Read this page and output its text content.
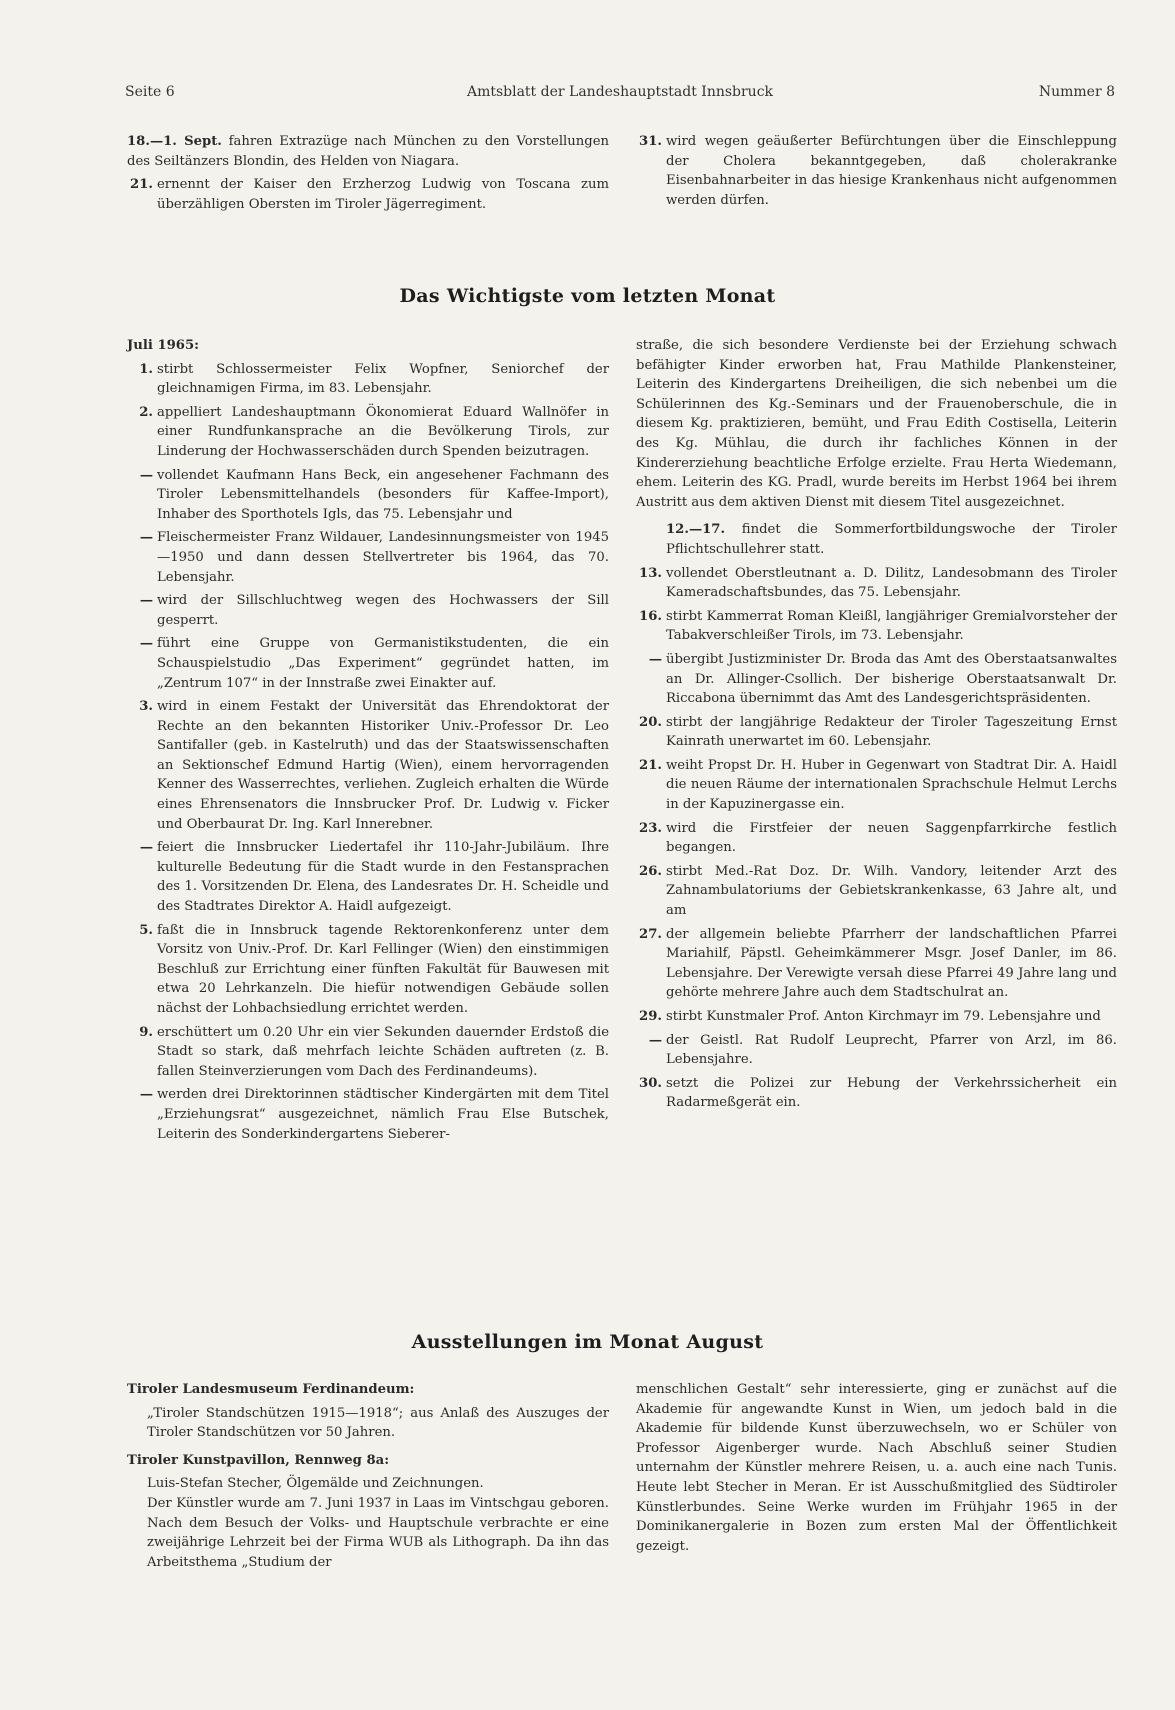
Seite 6	Amtsblatt der Landeshauptstadt Innsbruck	Nummer 8
18.—1. Sept. fahren Extrazüge nach München zu den Vorstellungen des Seiltänzers Blondin, des Helden von Niagara.
21. ernennt der Kaiser den Erzherzog Ludwig von Toscana zum überzähligen Obersten im Tiroler Jägerregiment.
31. wird wegen geäußerter Befürchtungen über die Einschleppung der Cholera bekanntgegeben, daß cholerakranke Eisenbahnarbeiter in das hiesige Krankenhaus nicht aufgenommen werden dürfen.
Das Wichtigste vom letzten Monat
Juli 1965:
1. stirbt Schlossermeister Felix Wopfner, Seniorchef der gleichnamigen Firma, im 83. Lebensjahr.
2. appelliert Landeshauptmann Ökonomierat Eduard Wallnöfer in einer Rundfunkansprache an die Bevölkerung Tirols, zur Linderung der Hochwasserschäden durch Spenden beizutragen.
— vollendet Kaufmann Hans Beck, ein angesehener Fachmann des Tiroler Lebensmittelhandels (besonders für Kaffee-Import), Inhaber des Sporthotels Igls, das 75. Lebensjahr und
— Fleischermeister Franz Wildauer, Landesinnungsmeister von 1945—1950 und dann dessen Stellvertreter bis 1964, das 70. Lebensjahr.
— wird der Sillschluchtweg wegen des Hochwassers der Sill gesperrt.
— führt eine Gruppe von Germanistikstudenten, die ein Schauspielstudio „Das Experiment“ gegründet hatten, im „Zentrum 107“ in der Innstraße zwei Einakter auf.
3. wird in einem Festakt der Universität das Ehrendoktorat der Rechte an den bekannten Historiker Univ.-Professor Dr. Leo Santifaller (geb. in Kastelruth) und das der Staatswissenschaften an Sektionschef Edmund Hartig (Wien), einem hervorragenden Kenner des Wasserrechtes, verliehen. Zugleich erhalten die Würde eines Ehrensenators die Innsbrucker Prof. Dr. Ludwig v. Ficker und Oberbaurat Dr. Ing. Karl Innerebner.
— feiert die Innsbrucker Liedertafel ihr 110-Jahr-Jubiläum. Ihre kulturelle Bedeutung für die Stadt wurde in den Festansprachen des 1. Vorsitzenden Dr. Elena, des Landesrates Dr. H. Scheidle und des Stadtrates Direktor A. Haidl aufgezeigt.
5. faßt die in Innsbruck tagende Rektorenkonferenz unter dem Vorsitz von Univ.-Prof. Dr. Karl Fellinger (Wien) den einstimmigen Beschluß zur Errichtung einer fünften Fakultät für Bauwesen mit etwa 20 Lehrkanzeln. Die hiefür notwendigen Gebäude sollen nächst der Lohbachsiedlung errichtet werden.
9. erschüttert um 0.20 Uhr ein vier Sekunden dauernder Erdstoß die Stadt so stark, daß mehrfach leichte Schäden auftreten (z. B. fallen Steinverzierungen vom Dach des Ferdinandeums).
— werden drei Direktorinnen städtischer Kindergärten mit dem Titel „Erziehungsrat“ ausgezeichnet, nämlich Frau Else Butschek, Leiterin des Sonderkindergartens Sieberer-

straße, die sich besondere Verdienste bei der Erziehung schwach befähigter Kinder erworben hat, Frau Mathilde Plankensteiner, Leiterin des Kindergartens Dreiheiligen, die sich nebenbei um die Schülerinnen des Kg.-Seminars und der Frauenoberschule, die in diesem Kg. praktizieren, bemüht, und Frau Edith Costisella, Leiterin des Kg. Mühlau, die durch ihr fachliches Können in der Kindererziehung beachtliche Erfolge erzielte. Frau Herta Wiedemann, ehem. Leiterin des KG. Pradl, wurde bereits im Herbst 1964 bei ihrem Austritt aus dem aktiven Dienst mit diesem Titel ausgezeichnet.

12.—17. findet die Sommerfortbildungswoche der Tiroler Pflichtschullehrer statt.
13. vollendet Oberstleutnant a. D. Dilitz, Landesobmann des Tiroler Kameradschaftsbundes, das 75. Lebensjahr.
16. stirbt Kammerrat Roman Kleißl, langjähriger Gremialvorsteher der Tabakverschleißer Tirols, im 73. Lebensjahr.
— übergibt Justizminister Dr. Broda das Amt des Oberstaatsanwaltes an Dr. Allinger-Csollich. Der bisherige Oberstaatsanwalt Dr. Riccabona übernimmt das Amt des Landesgerichtspräsidenten.
20. stirbt der langjährige Redakteur der Tiroler Tageszeitung Ernst Kainrath unerwartet im 60. Lebensjahr.
21. weiht Propst Dr. H. Huber in Gegenwart von Stadtrat Dir. A. Haidl die neuen Räume der internationalen Sprachschule Helmut Lerchs in der Kapuzinergasse ein.
23. wird die Firstfeier der neuen Saggenpfarrkirche festlich begangen.
26. stirbt Med.-Rat Doz. Dr. Wilh. Vandory, leitender Arzt des Zahnambulatoriums der Gebietskrankenkasse, 63 Jahre alt, und am
27. der allgemein beliebte Pfarrherr der landschaftlichen Pfarrei Mariahilf, Päpstl. Geheimkämmerer Msgr. Josef Danler, im 86. Lebensjahre. Der Verewigte versah diese Pfarrei 49 Jahre lang und gehörte mehrere Jahre auch dem Stadtschulrat an.
29. stirbt Kunstmaler Prof. Anton Kirchmayr im 79. Lebensjahre und
— der Geistl. Rat Rudolf Leuprecht, Pfarrer von Arzl, im 86. Lebensjahre.
30. setzt die Polizei zur Hebung der Verkehrssicherheit ein Radarmeßgerät ein.
Ausstellungen im Monat August
Tiroler Landesmuseum Ferdinandeum:

„Tiroler Standschützen 1915—1918“; aus Anlaß des Auszuges der Tiroler Standschützen vor 50 Jahren.

Tiroler Kunstpavillon, Rennweg 8a:

Luis-Stefan Stecher, Ölgemälde und Zeichnungen.

Der Künstler wurde am 7. Juni 1937 in Laas im Vintschgau geboren. Nach dem Besuch der Volks- und Hauptschule verbrachte er eine zweijährige Lehrzeit bei der Firma WUB als Lithograph. Da ihn das Arbeitsthema „Studium der

menschlichen Gestalt“ sehr interessierte, ging er zunächst auf die Akademie für angewandte Kunst in Wien, um jedoch bald in die Akademie für bildende Kunst überzuwechseln, wo er Schüler von Professor Aigenberger wurde. Nach Abschluß seiner Studien unternahm der Künstler mehrere Reisen, u. a. auch eine nach Tunis. Heute lebt Stecher in Meran. Er ist Ausschußmitglied des Südtiroler Künstlerbundes. Seine Werke wurden im Frühjahr 1965 in der Dominikanergalerie in Bozen zum ersten Mal der Öffentlichkeit gezeigt.
